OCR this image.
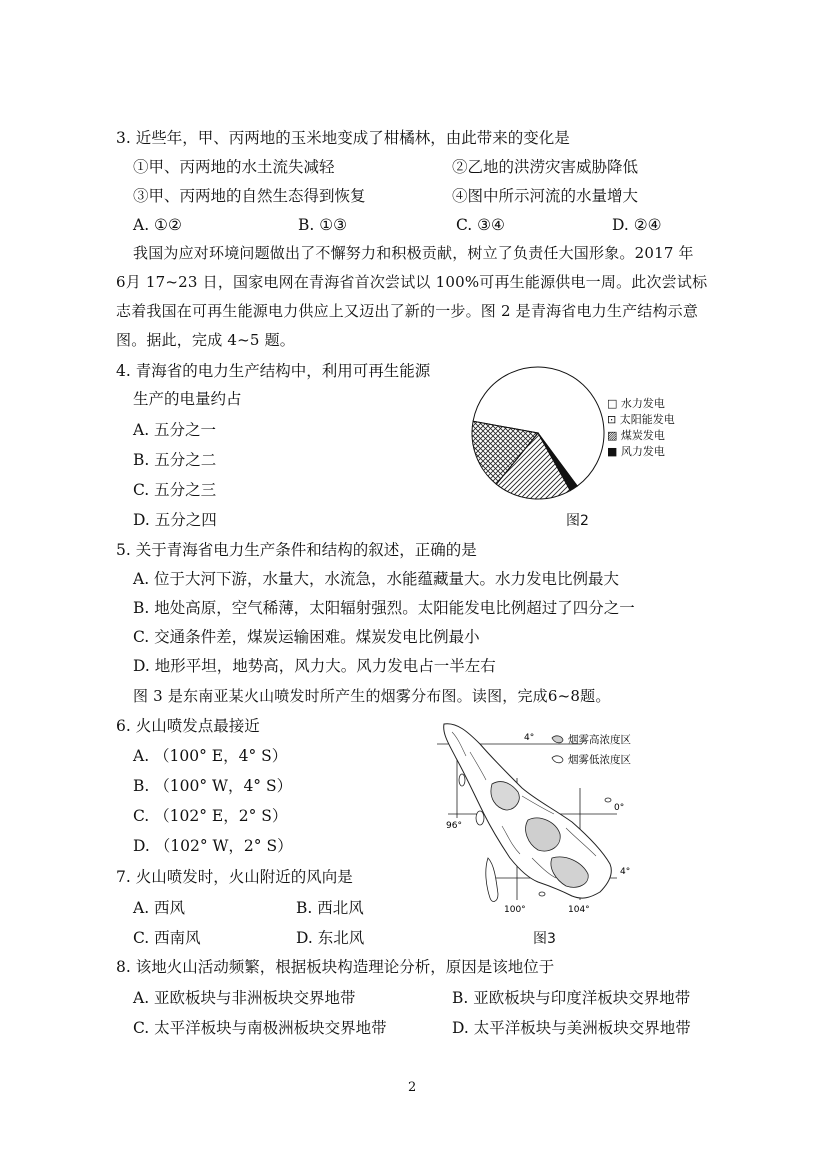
3. 近些年，甲、丙两地的玉米地变成了柑橘林，由此带来的变化是
①甲、丙两地的水土流失减轻	②乙地的洪涝灾害威胁降低
③甲、丙两地的自然生态得到恢复	④图中所示河流的水量增大
A. ①②	B. ①③	C. ③④	D. ②④
我国为应对环境问题做出了不懈努力和积极贡献，树立了负责任大国形象。2017 年
6月 17~23 日，国家电网在青海省首次尝试以 100%可再生能源供电一周。此次尝试标
志着我国在可再生能源电力供应上又迈出了新的一步。图 2 是青海省电力生产结构示意
图。据此，完成 4~5 题。
4. 青海省的电力生产结构中，利用可再生能源
生产的电量约占
A. 五分之一
B. 五分之二
C. 五分之三
D. 五分之四
□ 水力发电
⊡ 太阳能发电
▨ 煤炭发电
■ 风力发电
图2
5. 关于青海省电力生产条件和结构的叙述，正确的是
A. 位于大河下游，水量大，水流急，水能蕴藏量大。水力发电比例最大
B. 地处高原，空气稀薄，太阳辐射强烈。太阳能发电比例超过了四分之一
C. 交通条件差，煤炭运输困难。煤炭发电比例最小
D. 地形平坦，地势高，风力大。风力发电占一半左右
图 3 是东南亚某火山喷发时所产生的烟雾分布图。读图，完成6~8题。
6. 火山喷发点最接近
A. （100° E，4° S）
B. （100° W，4° S）
C. （102° E，2° S）
D. （102° W，2° S）
7. 火山喷发时，火山附近的风向是
A. 西风	B. 西北风
C. 西南风	D. 东北风
4°
0°
4°
96°
100°	104°
烟雾高浓度区
烟雾低浓度区
图3
8. 该地火山活动频繁，根据板块构造理论分析，原因是该地位于
A. 亚欧板块与非洲板块交界地带	B. 亚欧板块与印度洋板块交界地带
C. 太平洋板块与南极洲板块交界地带	D. 太平洋板块与美洲板块交界地带
2
